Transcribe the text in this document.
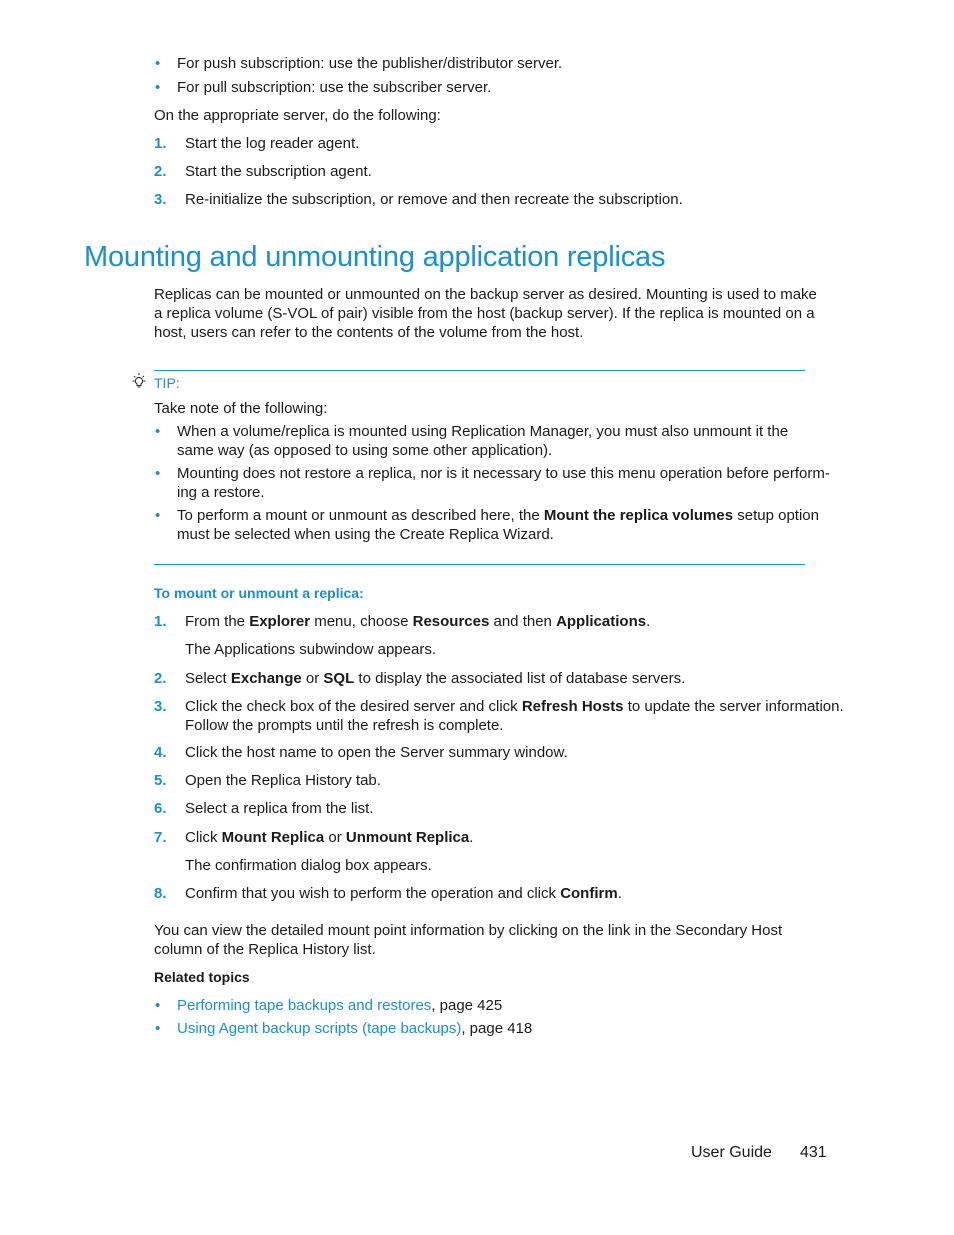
• For push subscription: use the publisher/distributor server.
• For pull subscription: use the subscriber server.
On the appropriate server, do the following:
1. Start the log reader agent.
2. Start the subscription agent.
3. Re-initialize the subscription, or remove and then recreate the subscription.
Mounting and unmounting application replicas
Replicas can be mounted or unmounted on the backup server as desired. Mounting is used to make
a replica volume (S-VOL of pair) visible from the host (backup server). If the replica is mounted on a
host, users can refer to the contents of the volume from the host.
TIP:
Take note of the following:
• When a volume/replica is mounted using Replication Manager, you must also unmount it the
same way (as opposed to using some other application).
• Mounting does not restore a replica, nor is it necessary to use this menu operation before perform-
ing a restore.
• To perform a mount or unmount as described here, the Mount the replica volumes setup option
must be selected when using the Create Replica Wizard.
To mount or unmount a replica:
1. From the Explorer menu, choose Resources and then Applications.
The Applications subwindow appears.
2. Select Exchange or SQL to display the associated list of database servers.
3. Click the check box of the desired server and click Refresh Hosts to update the server information.
Follow the prompts until the refresh is complete.
4. Click the host name to open the Server summary window.
5. Open the Replica History tab.
6. Select a replica from the list.
7. Click Mount Replica or Unmount Replica.
The confirmation dialog box appears.
8. Confirm that you wish to perform the operation and click Confirm.
You can view the detailed mount point information by clicking on the link in the Secondary Host
column of the Replica History list.
Related topics
• Performing tape backups and restores, page 425
• Using Agent backup scripts (tape backups), page 418
User Guide 431
